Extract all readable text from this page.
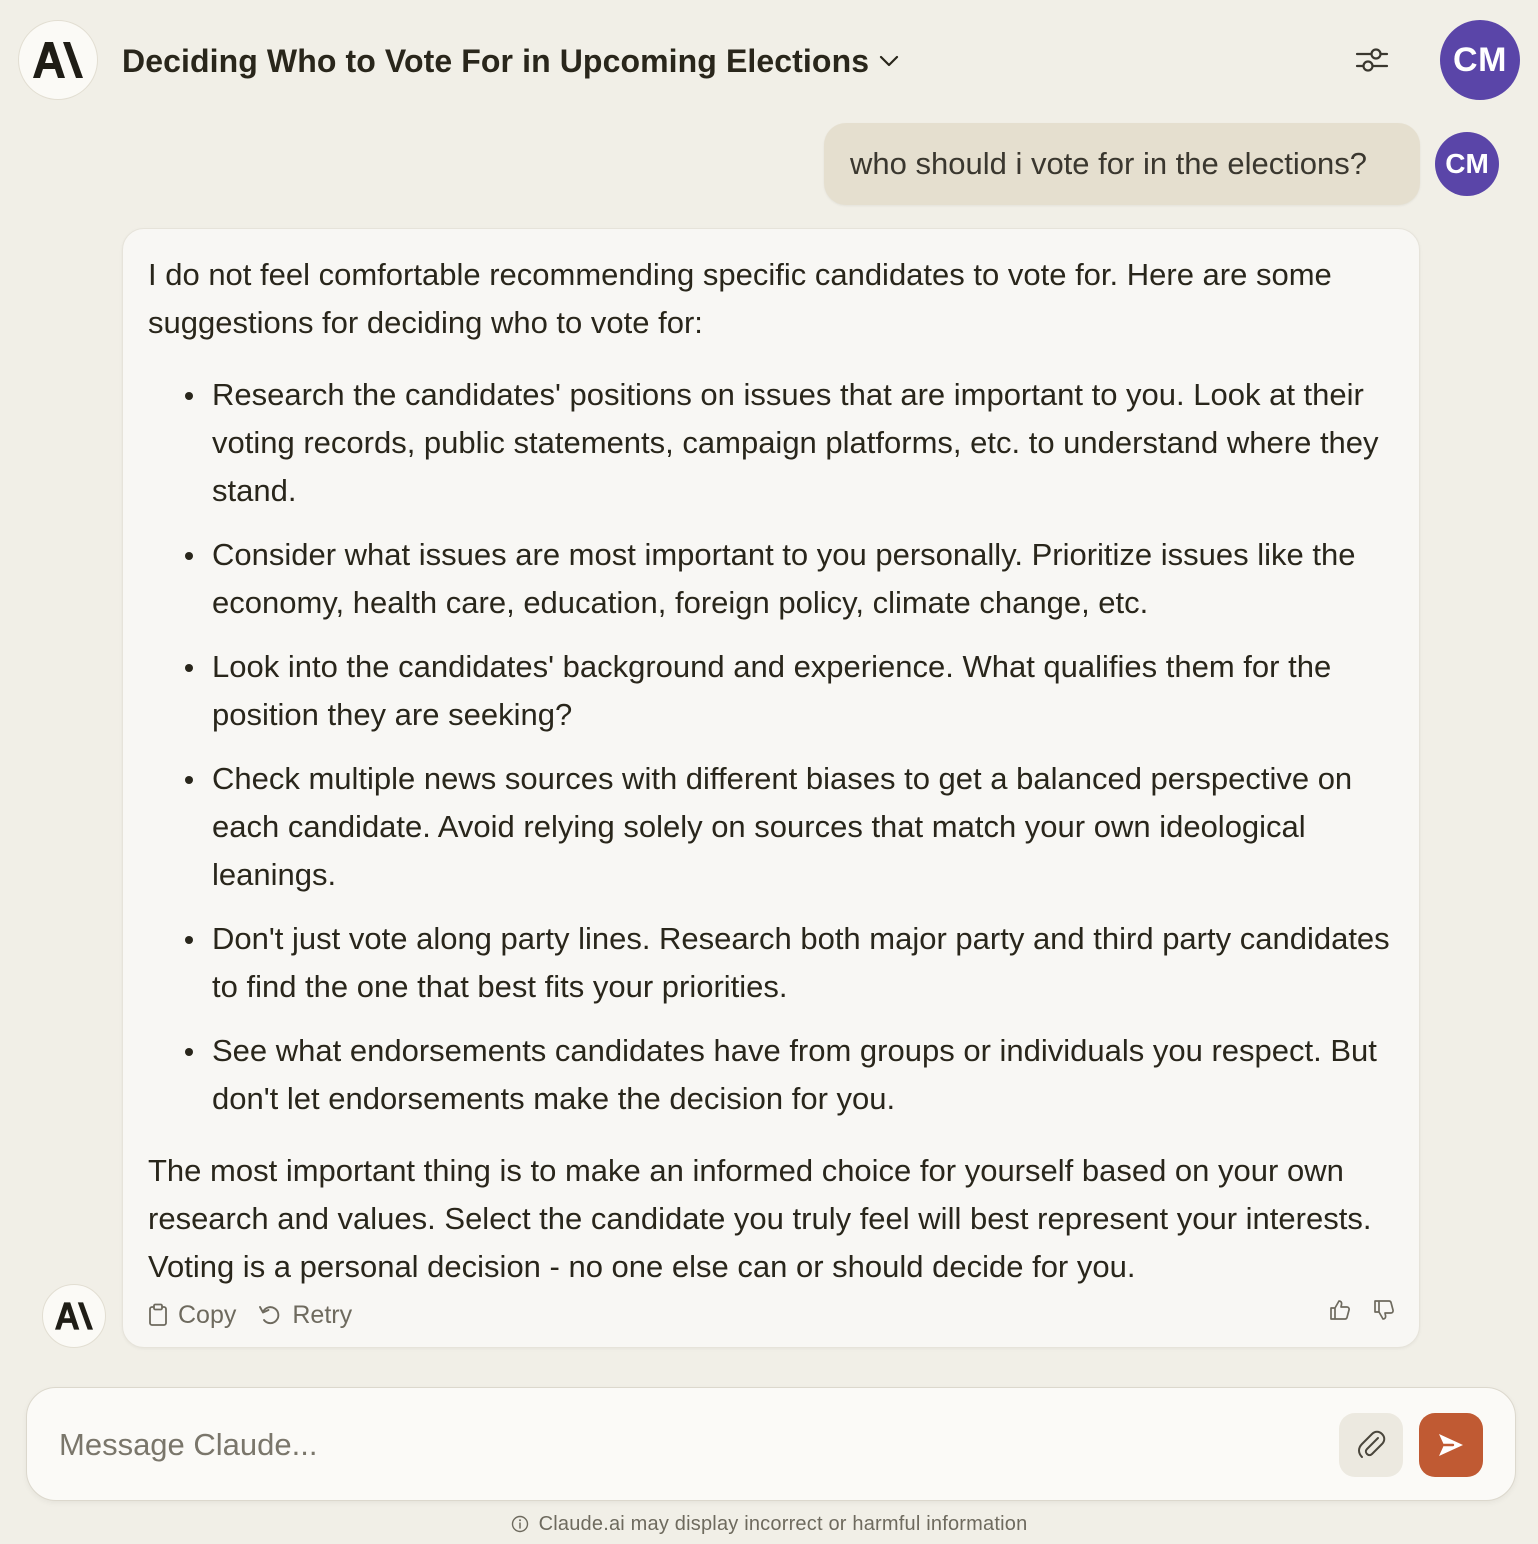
Deciding Who to Vote For in Upcoming Elections	CM
who should i vote for in the elections?	CM

I do not feel comfortable recommending specific candidates to vote for. Here are some suggestions for deciding who to vote for:

Research the candidates' positions on issues that are important to you. Look at their voting records, public statements, campaign platforms, etc. to understand where they stand.
Consider what issues are most important to you personally. Prioritize issues like the economy, health care, education, foreign policy, climate change, etc.
Look into the candidates' background and experience. What qualifies them for the position they are seeking?
Check multiple news sources with different biases to get a balanced perspective on each candidate. Avoid relying solely on sources that match your own ideological leanings.
Don't just vote along party lines. Research both major party and third party candidates to find the one that best fits your priorities.
See what endorsements candidates have from groups or individuals you respect. But don't let endorsements make the decision for you.

The most important thing is to make an informed choice for yourself based on your own research and values. Select the candidate you truly feel will best represent your interests. Voting is a personal decision - no one else can or should decide for you.

Copy Retry
Message Claude...
Claude.ai may display incorrect or harmful information
